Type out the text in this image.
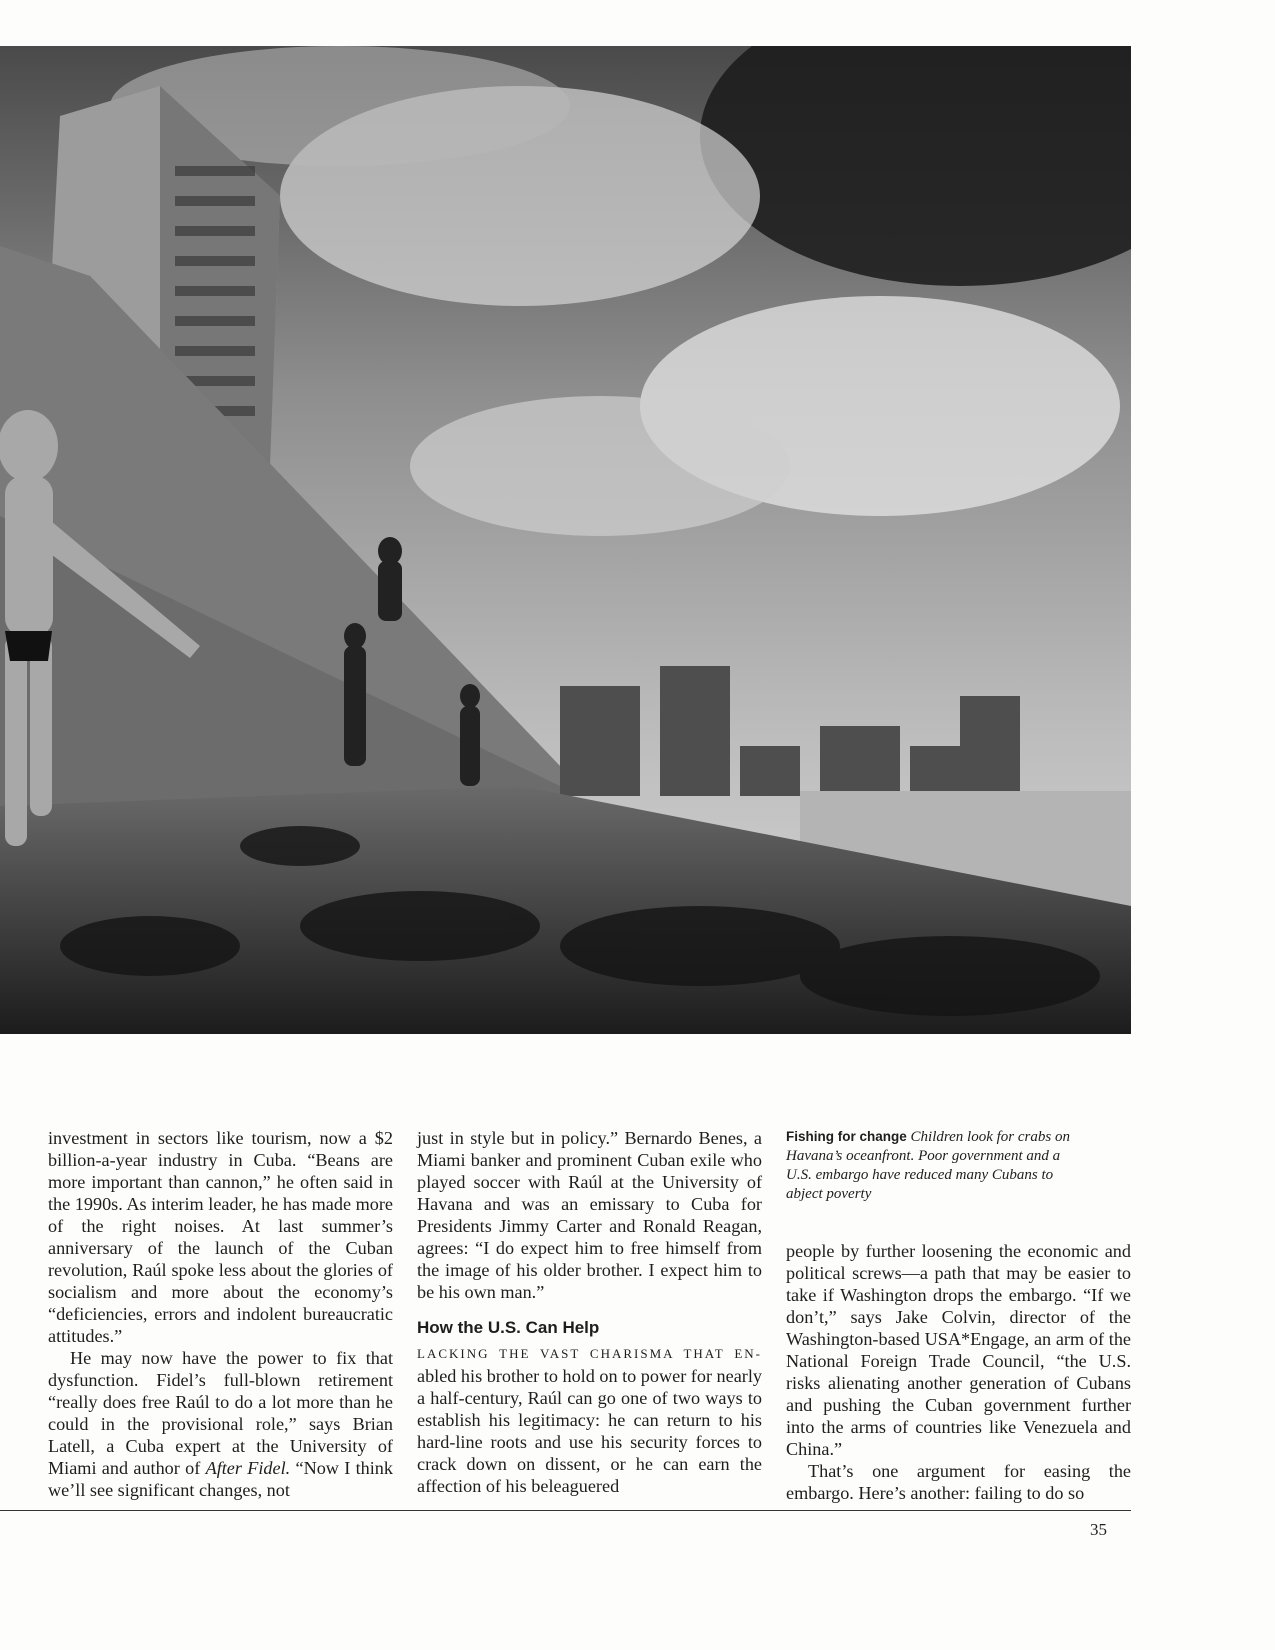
investment in sectors like tourism, now a $2 billion-a-year industry in Cuba. “Beans are more important than cannon,” he often said in the 1990s. As interim leader, he has made more of the right noises. At last summer’s anniversary of the launch of the Cuban revolution, Raúl spoke less about the glories of socialism and more about the economy’s “deficiencies, errors and indolent bureaucratic attitudes.”

He may now have the power to fix that dysfunction. Fidel’s full-blown retirement “really does free Raúl to do a lot more than he could in the provisional role,” says Brian Latell, a Cuba expert at the University of Miami and author of After Fidel. “Now I think we’ll see significant changes, not

just in style but in policy.” Bernardo Benes, a Miami banker and prominent Cuban exile who played soccer with Raúl at the University of Havana and was an emissary to Cuba for Presidents Jimmy Carter and Ronald Reagan, agrees: “I do expect him to free himself from the image of his older brother. I expect him to be his own man.”

How the U.S. Can Help

LACKING THE VAST CHARISMA THAT EN- abled his brother to hold on to power for nearly a half-century, Raúl can go one of two ways to establish his legitimacy: he can return to his hard-line roots and use his security forces to crack down on dissent, or he can earn the affection of his beleaguered

Fishing for change Children look for crabs on Havana’s oceanfront. Poor government and a U.S. embargo have reduced many Cubans to abject poverty

people by further loosening the economic and political screws—a path that may be easier to take if Washington drops the embargo. “If we don’t,” says Jake Colvin, director of the Washington-based USA*Engage, an arm of the National Foreign Trade Council, “the U.S. risks alienating another generation of Cubans and pushing the Cuban government further into the arms of countries like Venezuela and China.”

That’s one argument for easing the embargo. Here’s another: failing to do so

35
